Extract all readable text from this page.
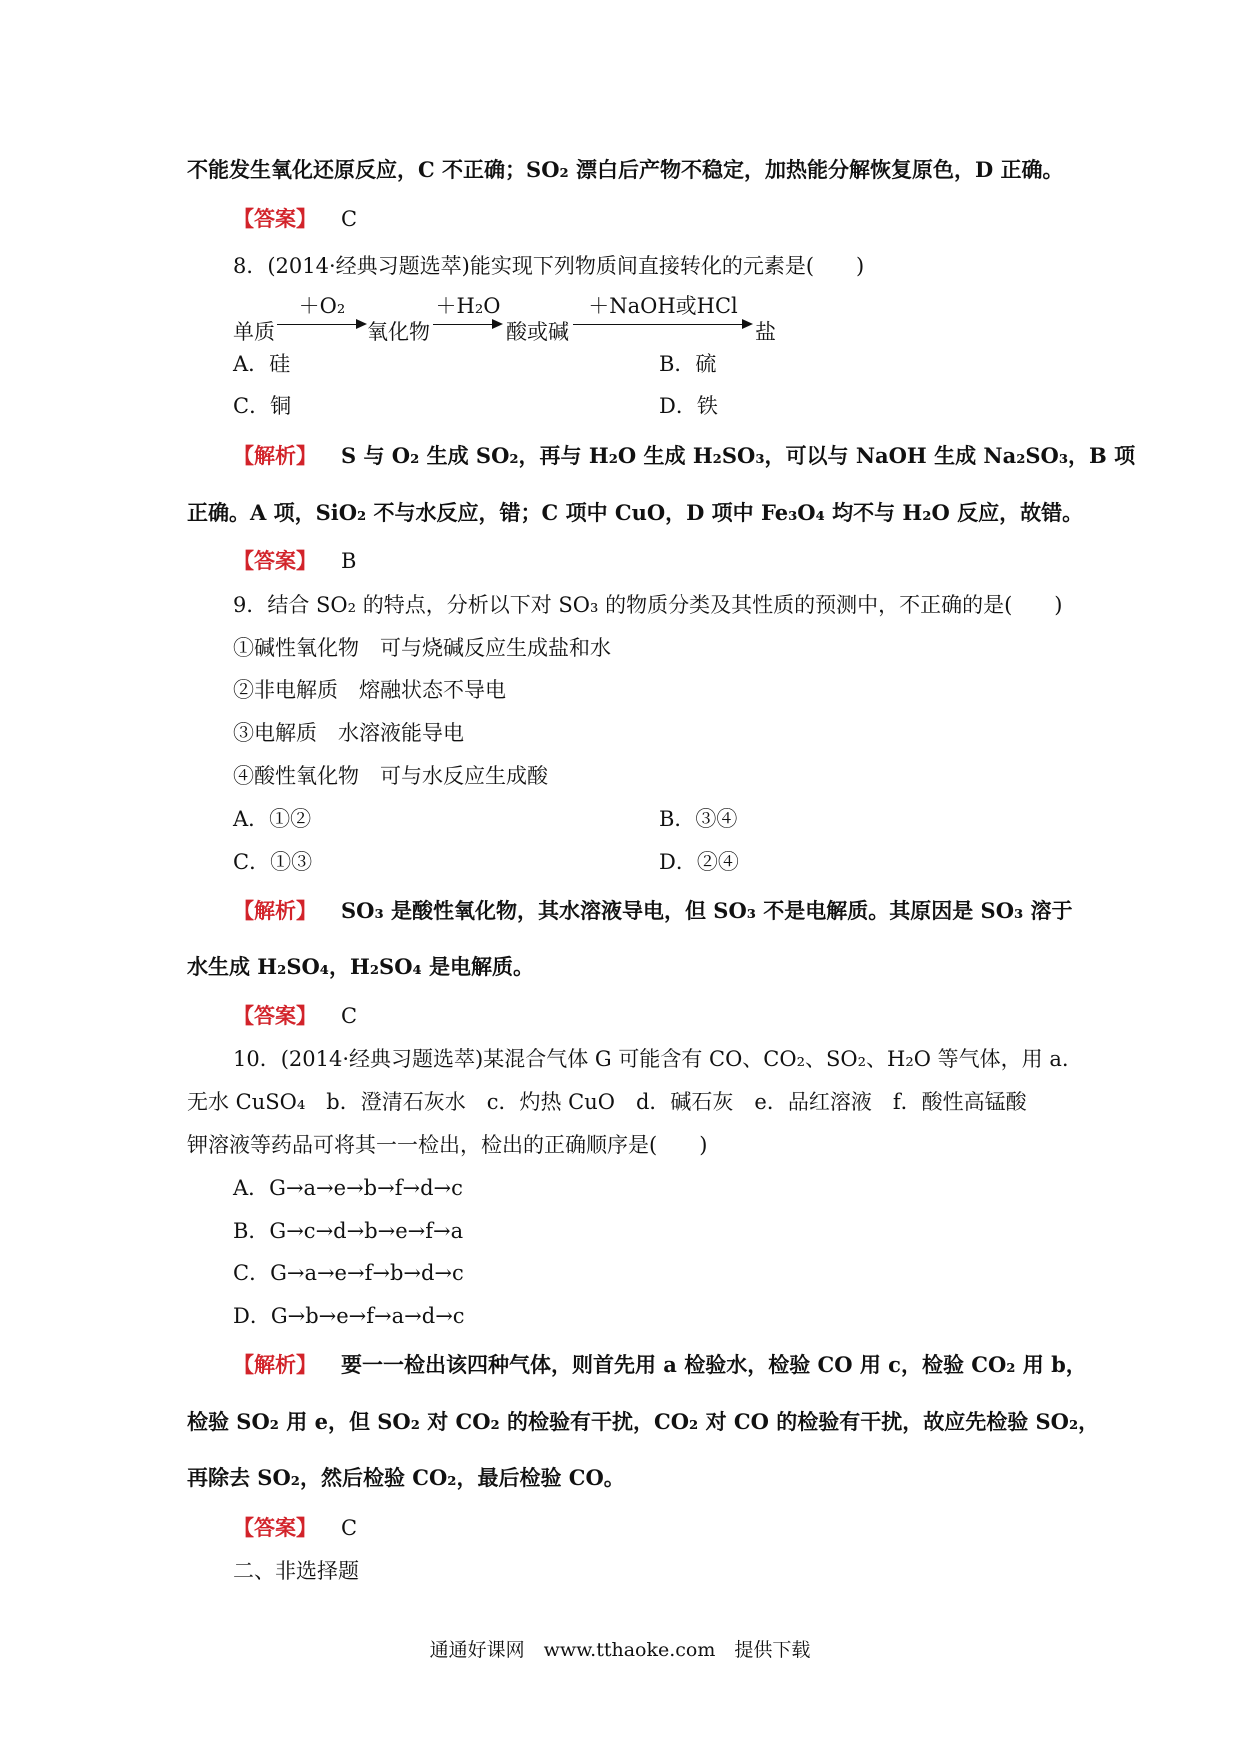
不能发生氧化还原反应，C 不正确；SO₂ 漂白后产物不稳定，加热能分解恢复原色，D 正确。
【答案】 C
8．(2014·经典习题选萃)能实现下列物质间直接转化的元素是(　　)
单质
＋O₂
氧化物
＋H₂O
酸或碱
＋NaOH或HCl
盐
A．硅	B．硫
C．铜	D．铁
【解析】 S 与 O₂ 生成 SO₂，再与 H₂O 生成 H₂SO₃，可以与 NaOH 生成 Na₂SO₃，B 项
正确。A 项，SiO₂ 不与水反应，错；C 项中 CuO，D 项中 Fe₃O₄ 均不与 H₂O 反应，故错。
【答案】 B
9．结合 SO₂ 的特点，分析以下对 SO₃ 的物质分类及其性质的预测中，不正确的是(　　)
①碱性氧化物　可与烧碱反应生成盐和水
②非电解质　熔融状态不导电
③电解质　水溶液能导电
④酸性氧化物　可与水反应生成酸
A．①②	B．③④
C．①③	D．②④
【解析】 SO₃ 是酸性氧化物，其水溶液导电，但 SO₃ 不是电解质。其原因是 SO₃ 溶于
水生成 H₂SO₄，H₂SO₄ 是电解质。
【答案】 C
10．(2014·经典习题选萃)某混合气体 G 可能含有 CO、CO₂、SO₂、H₂O 等气体，用 a.
无水 CuSO₄　b．澄清石灰水　c．灼热 CuO　d．碱石灰　e．品红溶液　f．酸性高锰酸
钾溶液等药品可将其一一检出，检出的正确顺序是(　　)
A．G→a→e→b→f→d→c
B．G→c→d→b→e→f→a
C．G→a→e→f→b→d→c
D．G→b→e→f→a→d→c
【解析】 要一一检出该四种气体，则首先用 a 检验水，检验 CO 用 c，检验 CO₂ 用 b，
检验 SO₂ 用 e，但 SO₂ 对 CO₂ 的检验有干扰，CO₂ 对 CO 的检验有干扰，故应先检验 SO₂，
再除去 SO₂，然后检验 CO₂，最后检验 CO。
【答案】 C
二、非选择题
通通好课网　www.tthaoke.com　提供下载
